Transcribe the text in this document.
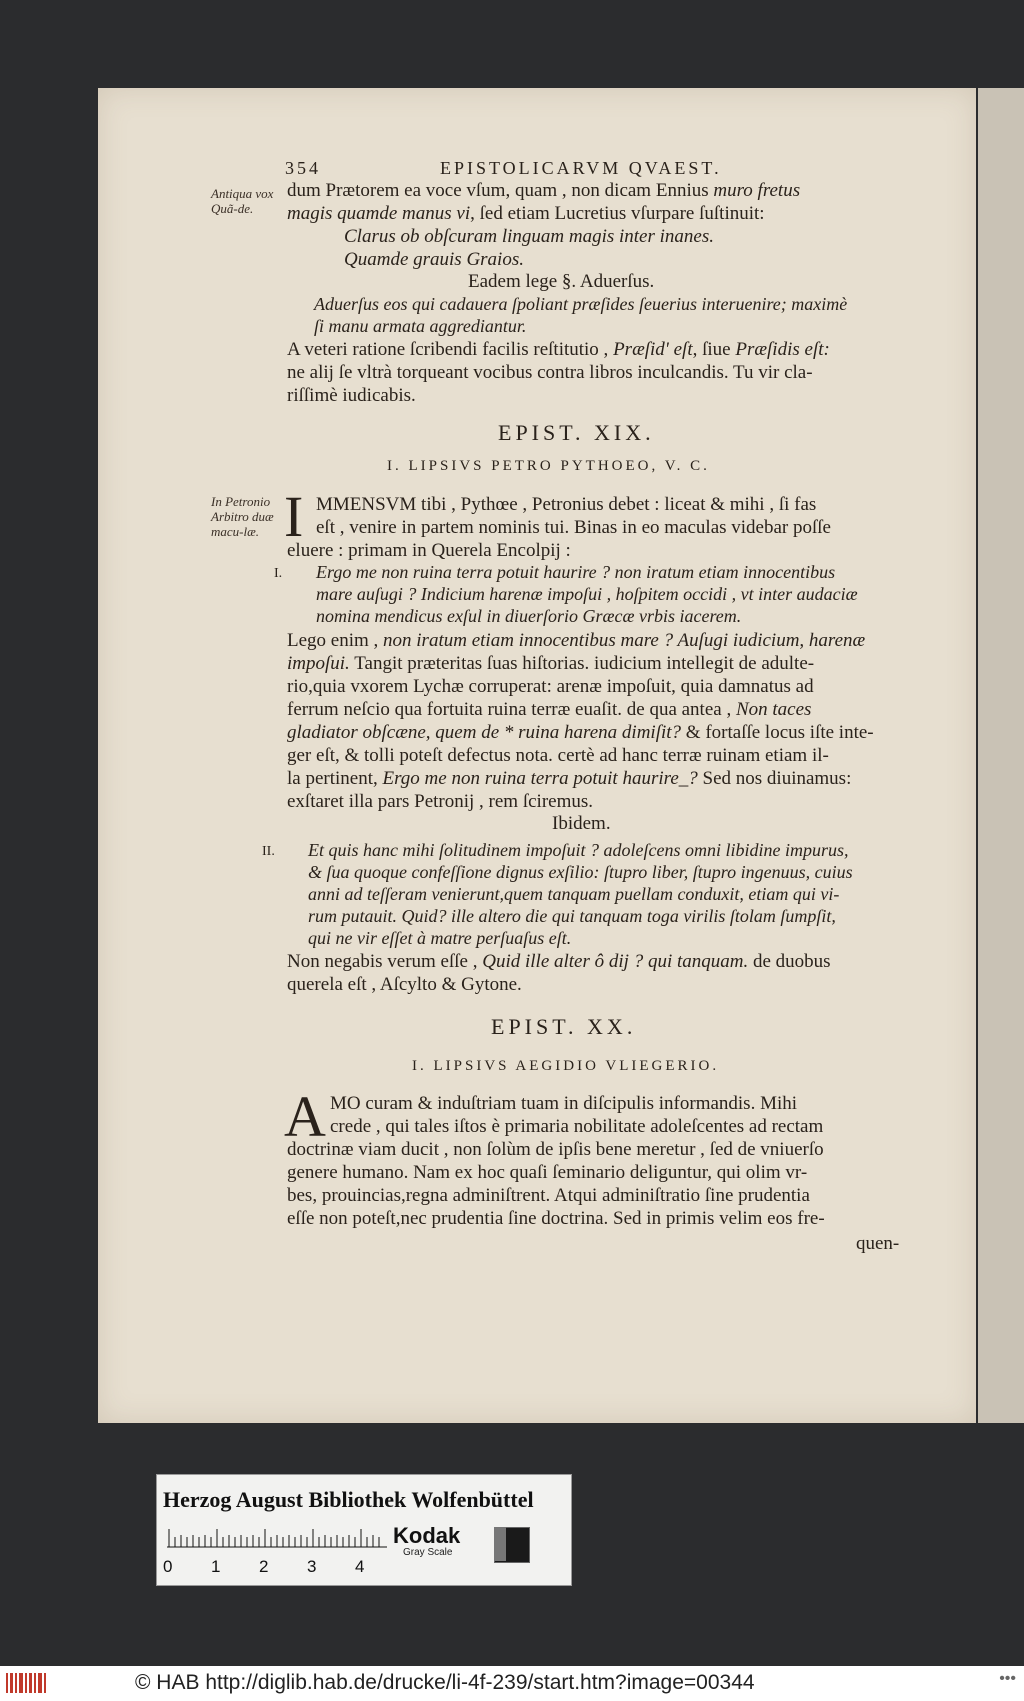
354	EPISTOLICARVM QVAEST.
Antiqua vox Quã-de.
In Petronio Arbitro duæ macu-læ.
dum Prætorem ea voce vſum, quam , non dicam Ennius muro fretus
magis quamde manus vi, ſed etiam Lucretius vſurpare ſuſtinuit:
Clarus ob obſcuram linguam magis inter inanes.
Quamde grauis Graios.
Eadem lege §. Aduerſus.
Aduerſus eos qui cadauera ſpoliant præſides ſeuerius interuenire; maximè
ſi manu armata aggrediantur.
A veteri ratione ſcribendi facilis reſtitutio , Præſid' eſt, ſiue Præſidis eſt:
ne alij ſe vltrà torqueant vocibus contra libros inculcandis. Tu vir cla-
riſſimè iudicabis.
EPIST. XIX.
I. LIPSIVS PETRO PYTHOEO, V. C.
I MMENSVM tibi , Pythœe , Petronius debet : liceat & mihi , ſi fas
eſt , venire in partem nominis tui. Binas in eo maculas videbar poſſe
eluere : primam in Querela Encolpij :
I. Ergo me non ruina terra potuit haurire ? non iratum etiam innocentibus
mare auſugi ? Indicium harenæ impoſui , hoſpitem occidi , vt inter audaciæ
nomina mendicus exſul in diuerſorio Græcæ vrbis iacerem.
Lego enim , non iratum etiam innocentibus mare ? Auſugi iudicium, harenæ
impoſui. Tangit præteritas ſuas hiſtorias. iudicium intellegit de adulte-
rio,quia vxorem Lychæ corruperat: arenæ impoſuit, quia damnatus ad
ferrum neſcio qua fortuita ruina terræ euaſit. de qua antea , Non taces
gladiator obſcæne, quem de * ruina harena dimiſit? & fortaſſe locus iſte inte-
ger eſt, & tolli poteſt defectus nota. certè ad hanc terræ ruinam etiam il-
la pertinent, Ergo me non ruina terra potuit haurire_? Sed nos diuinamus:
exſtaret illa pars Petronij , rem ſciremus.
Ibidem.
II. Et quis hanc mihi ſolitudinem impoſuit ? adoleſcens omni libidine impurus,
& ſua quoque confeſſione dignus exſilio: ſtupro liber, ſtupro ingenuus, cuius
anni ad teſſeram venierunt,quem tanquam puellam conduxit, etiam qui vi-
rum putauit. Quid? ille altero die qui tanquam toga virilis ſtolam ſumpſit,
qui ne vir eſſet à matre perſuaſus eſt.
Non negabis verum eſſe , Quid ille alter ô dij ? qui tanquam. de duobus
querela eſt , Aſcylto & Gytone.
EPIST. XX.
I. LIPSIVS AEGIDIO VLIEGERIO.
A MO curam & induſtriam tuam in diſcipulis informandis. Mihi
crede , qui tales iſtos è primaria nobilitate adoleſcentes ad rectam
doctrinæ viam ducit , non ſolùm de ipſis bene meretur , ſed de vniuerſo
genere humano. Nam ex hoc quaſi ſeminario deliguntur, qui olim vr-
bes, prouincias,regna adminiſtrent. Atqui adminiſtratio ſine prudentia
eſſe non poteſt,nec prudentia ſine doctrina. Sed in primis velim eos fre-
quen-
Herzog August Bibliothek Wolfenbüttel
Kodak
Gray Scale
0 1 2 3 4
© HAB http://diglib.hab.de/drucke/li-4f-239/start.htm?image=00344	•••
